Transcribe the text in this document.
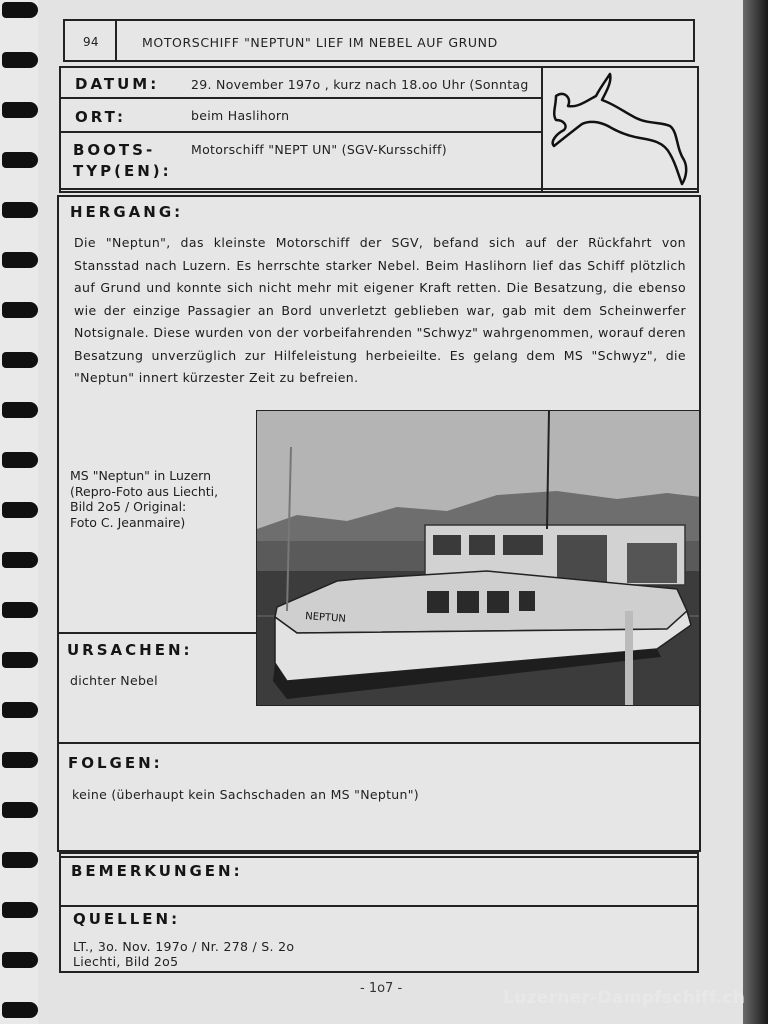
94	MOTORSCHIFF "NEPTUN" LIEF IM NEBEL AUF GRUND
DATUM:	29. November 197o , kurz nach 18.oo Uhr (Sonntag
ORT:	beim Haslihorn
BOOTS-
TYP(EN):
Motorschiff "NEPT UN" (SGV-Kursschiff)
HERGANG:
Die "Neptun", das kleinste Motorschiff der SGV, befand sich auf der Rückfahrt von Stansstad nach Luzern. Es herrschte starker Nebel. Beim Haslihorn lief das Schiff plötzlich auf Grund und konnte sich nicht mehr mit eigener Kraft retten. Die Besatzung, die ebenso wie der einzige Passagier an Bord unverletzt geblieben war, gab mit dem Scheinwerfer Notsignale. Diese wurden von der vorbeifahrenden "Schwyz" wahrgenommen, worauf deren Besatzung unverzüglich zur Hilfeleistung herbeieilte. Es gelang dem MS "Schwyz", die "Neptun" innert kürzester Zeit zu befreien.
NEPTUN
MS "Neptun" in Luzern
(Repro-Foto aus Liechti,
Bild 2o5 / Original:
Foto C. Jeanmaire)
URSACHEN:
dichter Nebel
FOLGEN:
keine (überhaupt kein Sachschaden an MS "Neptun")
BEMERKUNGEN:
QUELLEN:
LT., 3o. Nov. 197o / Nr. 278 / S. 2o
Liechti, Bild 2o5
- 1o7 -	Luzerner-Dampfschiff.ch
